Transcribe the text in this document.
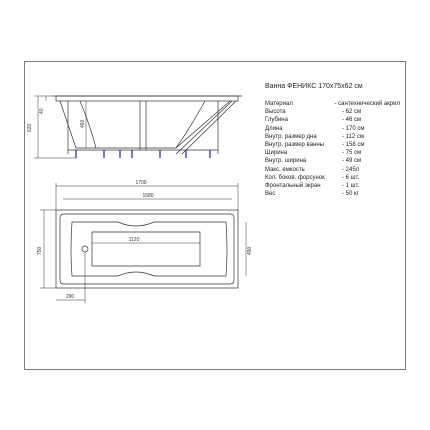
620
40
460
1700
1580
1120
750	490
290
Ванна ФЕНИКС 170x75x62 см
Материал	- сантехнический акрил
Высота	- 62 см
Глубина	- 46 см
Длина	- 170 см
Внутр. размер дна	- 112 см
Внутр. размер ванны	- 158 см
Ширина	- 75 см
Внутр. ширина	- 49 см
Макс. емкость	- 245л
Кол. боков. форсунок	- 6 шт.
Фронтальный экран	- 1 шт.
Вес	- 50 кг
